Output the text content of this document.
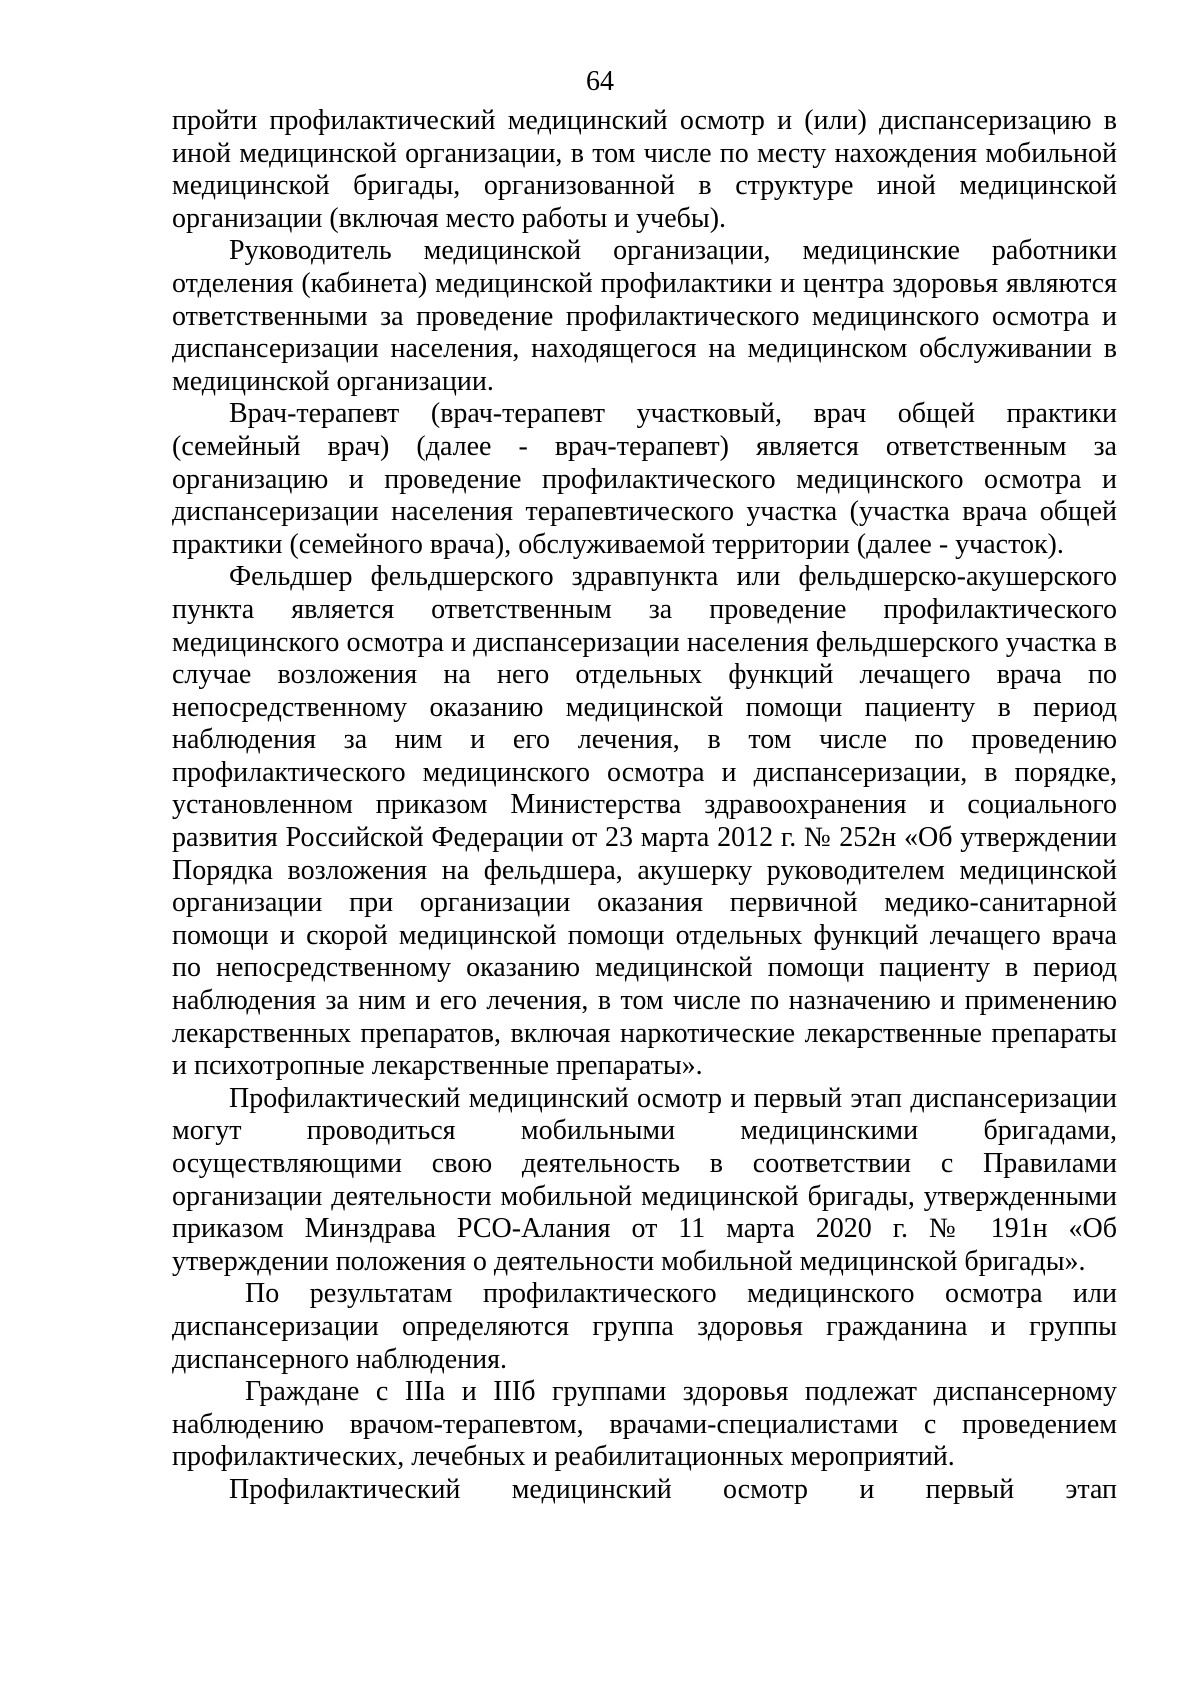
64

пройти профилактический медицинский осмотр и (или) диспансеризацию в иной медицинской организации, в том числе по месту нахождения мобильной медицинской бригады, организованной в структуре иной медицинской организации (включая место работы и учебы).

Руководитель медицинской организации, медицинские работники отделения (кабинета) медицинской профилактики и центра здоровья являются ответственными за проведение профилактического медицинского осмотра и диспансеризации населения, находящегося на медицинском обслуживании в медицинской организации.

Врач-терапевт (врач-терапевт участковый, врач общей практики (семейный врач) (далее - врач-терапевт) является ответственным за организацию и проведение профилактического медицинского осмотра и диспансеризации населения терапевтического участка (участка врача общей практики (семейного врача), обслуживаемой территории (далее - участок).

Фельдшер фельдшерского здравпункта или фельдшерско-акушерского пункта является ответственным за проведение профилактического медицинского осмотра и диспансеризации населения фельдшерского участка в случае возложения на него отдельных функций лечащего врача по непосредственному оказанию медицинской помощи пациенту в период наблюдения за ним и его лечения, в том числе по проведению профилактического медицинского осмотра и диспансеризации, в порядке, установленном приказом Министерства здравоохранения и социального развития Российской Федерации от 23 марта 2012 г. № 252н «Об утверждении Порядка возложения на фельдшера, акушерку руководителем медицинской организации при организации оказания первичной медико-санитарной помощи и скорой медицинской помощи отдельных функций лечащего врача по непосредственному оказанию медицинской помощи пациенту в период наблюдения за ним и его лечения, в том числе по назначению и применению лекарственных препаратов, включая наркотические лекарственные препараты и психотропные лекарственные препараты».

Профилактический медицинский осмотр и первый этап диспансеризации могут проводиться мобильными медицинскими бригадами, осуществляющими свою деятельность в соответствии с Правилами организации деятельности мобильной медицинской бригады, утвержденными приказом Минздрава РСО-Алания от 11 марта 2020 г. № 191н «Об утверждении положения о деятельности мобильной медицинской бригады».

По результатам профилактического медицинского осмотра или диспансеризации определяются группа здоровья гражданина и группы диспансерного наблюдения.

Граждане с IIIа и IIIб группами здоровья подлежат диспансерному наблюдению врачом-терапевтом, врачами-специалистами с проведением профилактических, лечебных и реабилитационных мероприятий.

Профилактический медицинский осмотр и первый этап
